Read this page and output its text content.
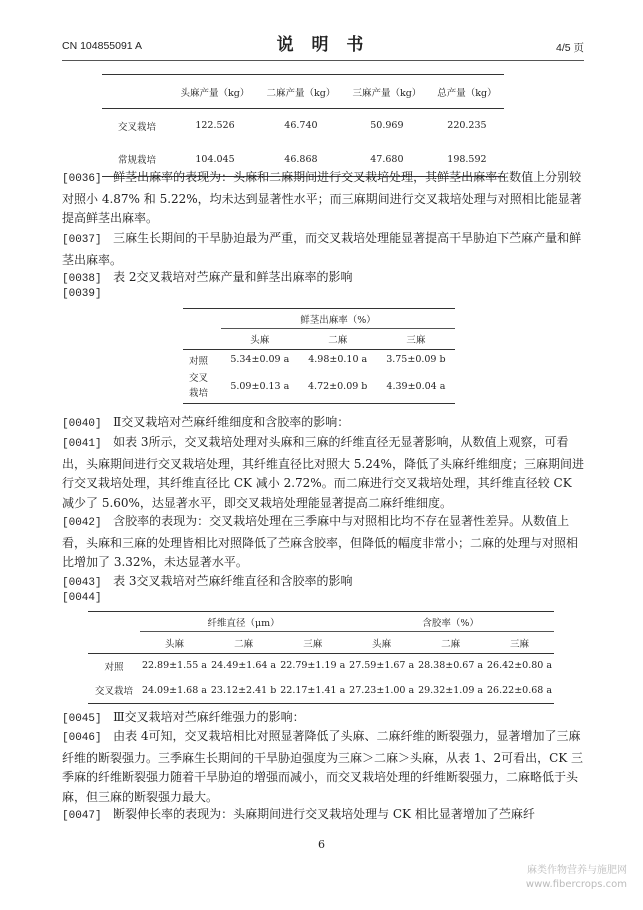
CN 104855091 A	说 明 书	4/5 页
	头麻产量（kg）	二麻产量（kg）	三麻产量（kg）	总产量（kg）
交叉栽培	122.526	46.740	50.969	220.235
常规栽培	104.045	46.868	47.680	198.592
[0036] 鲜茎出麻率的表现为：头麻和二麻期间进行交叉栽培处理，其鲜茎出麻率在数值上分别较对照小 4.87% 和 5.22%，均未达到显著性水平；而三麻期间进行交叉栽培处理与对照相比能显著提高鲜茎出麻率。
[0037] 三麻生长期间的干旱胁迫最为严重，而交叉栽培处理能显著提高干旱胁迫下苎麻产量和鲜茎出麻率。
[0038] 表 2交叉栽培对苎麻产量和鲜茎出麻率的影响
[0039]
	鲜茎出麻率（%）		
	头麻	二麻	三麻
对照	5.34±0.09 a	4.98±0.10 a	3.75±0.09 b
交叉
栽培	5.09±0.13 a	4.72±0.09 b	4.39±0.04 a
[0040] Ⅱ交叉栽培对苎麻纤维细度和含胶率的影响：
[0041] 如表 3所示，交叉栽培处理对头麻和三麻的纤维直径无显著影响，从数值上观察，可看出，头麻期间进行交叉栽培处理，其纤维直径比对照大 5.24%，降低了头麻纤维细度；三麻期间进行交叉栽培处理，其纤维直径比 CK 减小 2.72%。而二麻进行交叉栽培处理，其纤维直径较 CK 减少了 5.60%，达显著水平，即交叉栽培处理能显著提高二麻纤维细度。
[0042] 含胶率的表现为：交叉栽培处理在三季麻中与对照相比均不存在显著性差异。从数值上看，头麻和三麻的处理皆相比对照降低了苎麻含胶率，但降低的幅度非常小；二麻的处理与对照相比增加了 3.32%，未达显著水平。
[0043] 表 3交叉栽培对苎麻纤维直径和含胶率的影响
[0044]
	纤维直径（μm）			含胶率（%）		
	头麻	二麻	三麻	头麻	二麻	三麻
对照	22.89±1.55 a	24.49±1.64 a	22.79±1.19 a	27.59±1.67 a	28.38±0.67 a	26.42±0.80 a
交叉栽培	24.09±1.68 a	23.12±2.41 b	22.17±1.41 a	27.23±1.00 a	29.32±1.09 a	26.22±0.68 a
[0045] Ⅲ交叉栽培对苎麻纤维强力的影响：
[0046] 由表 4可知，交叉栽培相比对照显著降低了头麻、二麻纤维的断裂强力，显著增加了三麻纤维的断裂强力。三季麻生长期间的干旱胁迫强度为三麻＞二麻＞头麻，从表 1、2可看出，CK 三季麻的纤维断裂强力随着干旱胁迫的增强而减小，而交叉栽培处理的纤维断裂强力，二麻略低于头麻，但三麻的断裂强力最大。
[0047] 断裂伸长率的表现为：头麻期间进行交叉栽培处理与 CK 相比显著增加了苎麻纤
6
麻类作物营养与施肥网
www.fibercrops.com
